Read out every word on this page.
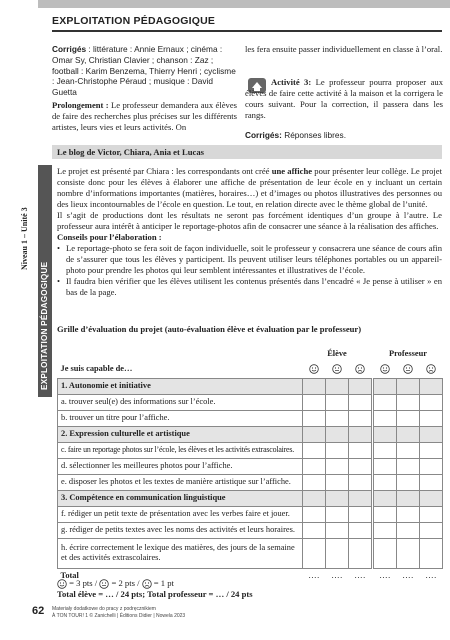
EXPLOITATION PÉDAGOGIQUE
EXPLOITATION PÉDAGOGIQUE
Niveau 1 – Unité 3
Corrigés : littérature : Annie Ernaux ; cinéma : Omar Sy, Christian Clavier ; chanson : Zaz ; football : Karim Benzema, Thierry Henri ; cyclisme : Jean-Christophe Péraud ; musique : David Guetta
Prolongement : Le professeur demandera aux élèves de faire des recherches plus précises sur les différents artistes, leurs vies et leurs activités. On
les fera ensuite passer individuellement en classe à l’oral.
Activité 3: Le professeur pourra proposer aux élèves de faire cette activité à la maison et la corrigera le cours suivant. Pour la correction, il passera dans les rangs.
Corrigés: Réponses libres.
Le blog de Victor, Chiara, Ania et Lucas

Le projet est présenté par Chiara : les correspondants ont créé une affiche pour présenter leur collège. Le projet consiste donc pour les élèves à élaborer une affiche de présentation de leur école en y incluant un certain nombre d’informations importantes (matières, horaires…) et d’images ou photos illustratives des personnes ou des lieux incontournables de l’école en question. Le tout, en relation directe avec le thème global de l’unité.

Il s’agit de productions dont les résultats ne seront pas forcément identiques d’un groupe à l’autre. Le professeur aura intérêt à anticiper le reportage-photos afin de consacrer une séance à la réalisation des affiches.

Conseils pour l’élaboration :

• Le reportage-photo se fera soit de façon individuelle, soit le professeur y consacrera une séance de cours afin de s’assurer que tous les élèves y participent. Ils peuvent utiliser leurs téléphones portables ou un appareil-photo pour prendre les photos qui leur semblent intéressantes et illustratives de l’école.
• Il faudra bien vérifier que les élèves utilisent les contenus présentés dans l’encadré « Je pense à utiliser » en bas de la page.
Grille d’évaluation du projet (auto-évaluation élève et évaluation par le professeur)
	Élève				Professeur		
Je suis capable de…							
1. Autonomie et initiative							
a. trouver seul(e) des informations sur l’école.							
b. trouver un titre pour l’affiche.							
2. Expression culturelle et artistique							
c. faire un reportage photos sur l’école, les élèves et les activités extrascolaires.							
d. sélectionner les meilleures photos pour l’affiche.							
e. disposer les photos et les textes de manière artistique sur l’affiche.							
3. Compétence en communication linguistique							
f. rédiger un petit texte de présentation avec les verbes faire et jouer.							
g. rédiger de petits textes avec les noms des activités et leurs horaires.							
h. écrire correctement le lexique des matières, des jours de la semaine et des activités extrascolaires.							
Total	….	….	….		….	….	….
= 3 pts /  = 2 pts /  = 1 pt
Total élève = … / 24 pts; Total professeur = … / 24 pts
62 Materiały dodatkowe do pracy z podręcznikiem
À TON TOUR! 1 © Zanichelli | Éditions Didier | Nowela 2023
